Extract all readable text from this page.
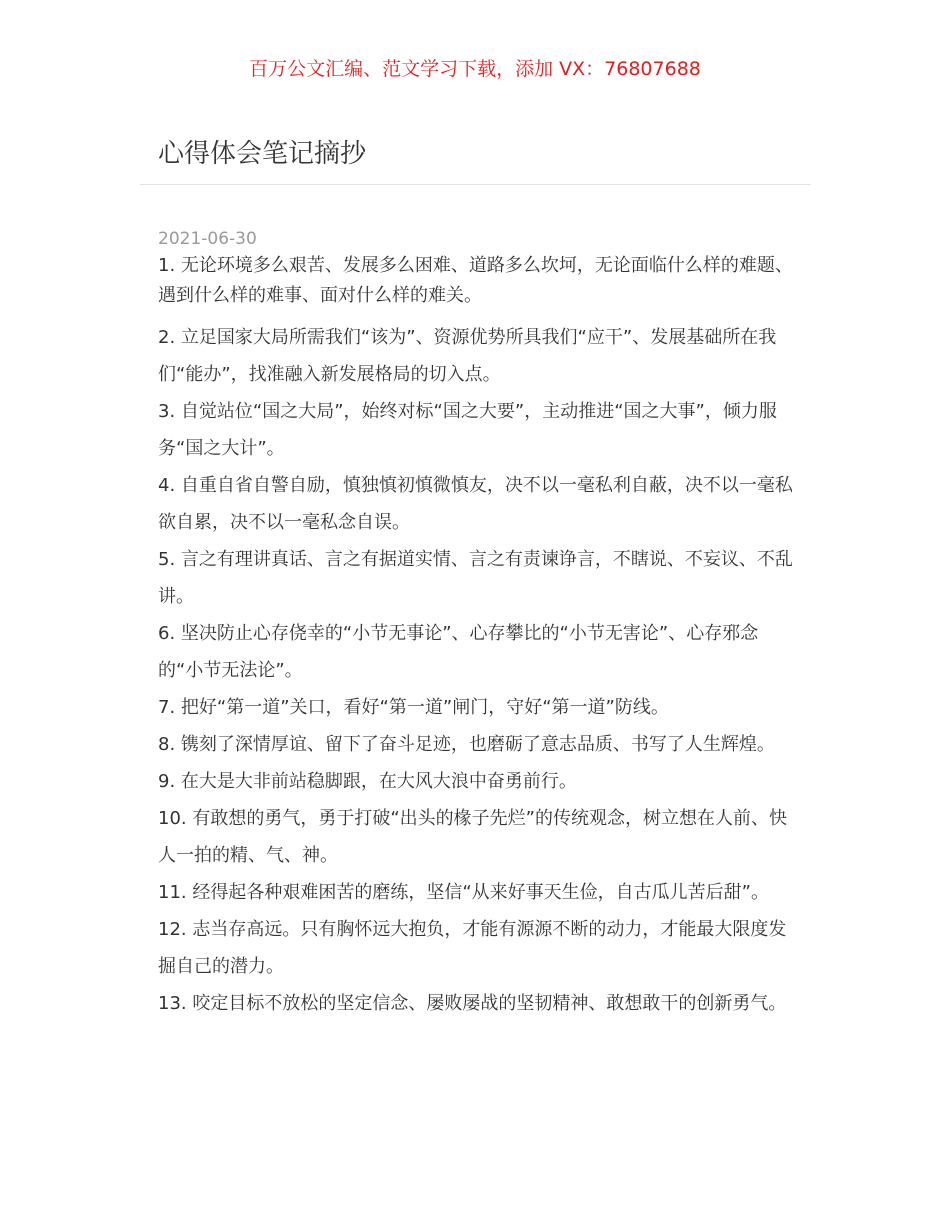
百万公文汇编、范文学习下载，添加 VX：76807688
心得体会笔记摘抄
2021-06-30
1. 无论环境多么艰苦、发展多么困难、道路多么坎坷，无论面临什么样的难题、遇到什么样的难事、面对什么样的难关。
2. 立足国家大局所需我们“该为”、资源优势所具我们“应干”、发展基础所在我们“能办”，找准融入新发展格局的切入点。
3. 自觉站位“国之大局”，始终对标“国之大要”，主动推进“国之大事”，倾力服务“国之大计”。
4. 自重自省自警自励，慎独慎初慎微慎友，决不以一毫私利自蔽，决不以一毫私欲自累，决不以一毫私念自误。
5. 言之有理讲真话、言之有据道实情、言之有责谏诤言，不瞎说、不妄议、不乱讲。
6. 坚决防止心存侥幸的“小节无事论”、心存攀比的“小节无害论”、心存邪念的“小节无法论”。
7. 把好“第一道”关口，看好“第一道”闸门，守好“第一道”防线。
8. 镌刻了深情厚谊、留下了奋斗足迹，也磨砺了意志品质、书写了人生辉煌。
9. 在大是大非前站稳脚跟，在大风大浪中奋勇前行。
10. 有敢想的勇气，勇于打破“出头的椽子先烂”的传统观念，树立想在人前、快人一拍的精、气、神。
11. 经得起各种艰难困苦的磨练，坚信“从来好事天生俭，自古瓜儿苦后甜”。
12. 志当存高远。只有胸怀远大抱负，才能有源源不断的动力，才能最大限度发掘自己的潜力。
13. 咬定目标不放松的坚定信念、屡败屡战的坚韧精神、敢想敢干的创新勇气。
